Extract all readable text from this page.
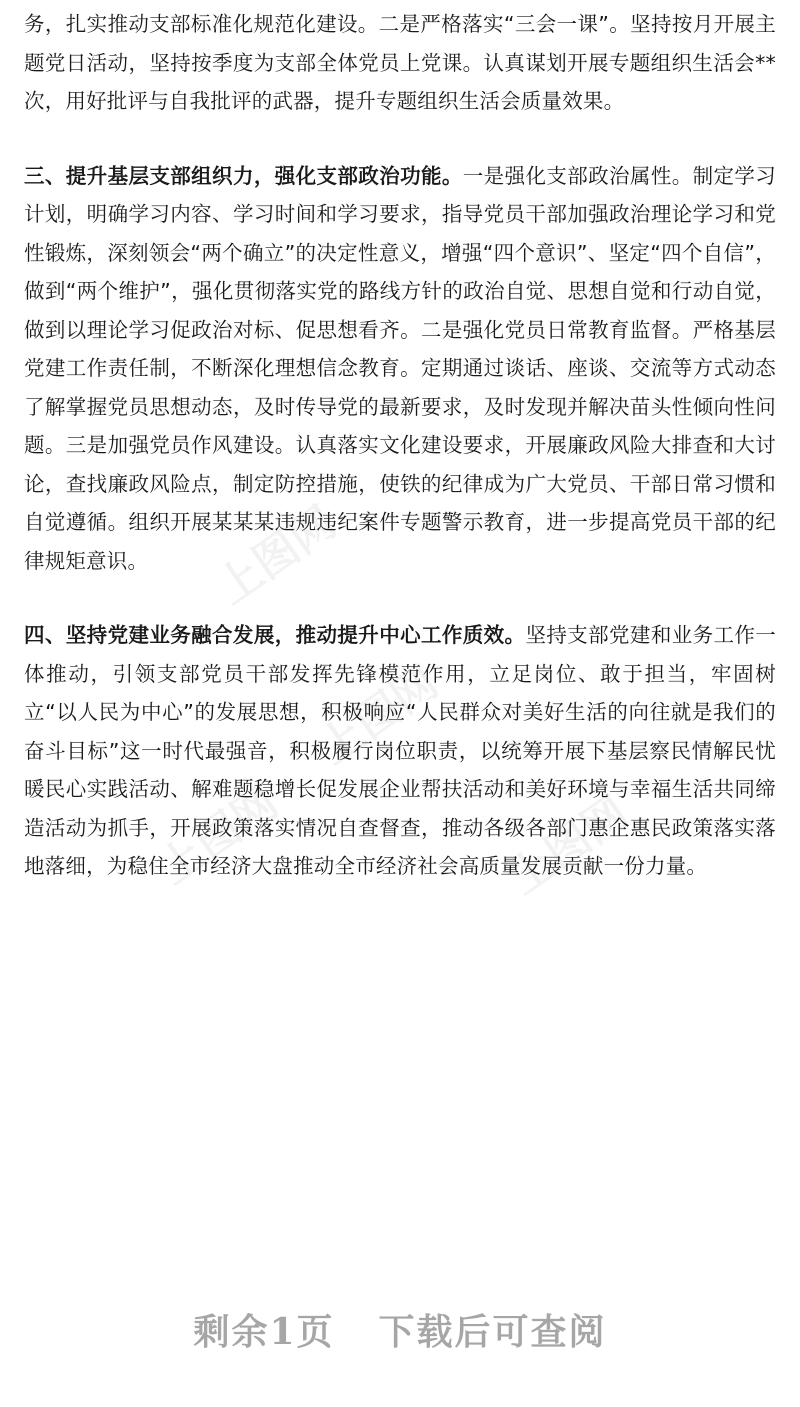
上图网
上图网
上图网	上图网

务，扎实推动支部标准化规范化建设。二是严格落实“三会一课”。坚持按月开展主题党日活动，坚持按季度为支部全体党员上党课。认真谋划开展专题组织生活会**次，用好批评与自我批评的武器，提升专题组织生活会质量效果。

三、提升基层支部组织力，强化支部政治功能。一是强化支部政治属性。制定学习计划，明确学习内容、学习时间和学习要求，指导党员干部加强政治理论学习和党性锻炼，深刻领会“两个确立”的决定性意义，增强“四个意识”、坚定“四个自信”，做到“两个维护”，强化贯彻落实党的路线方针的政治自觉、思想自觉和行动自觉，做到以理论学习促政治对标、促思想看齐。二是强化党员日常教育监督。严格基层党建工作责任制，不断深化理想信念教育。定期通过谈话、座谈、交流等方式动态了解掌握党员思想动态，及时传导党的最新要求，及时发现并解决苗头性倾向性问题。三是加强党员作风建设。认真落实文化建设要求，开展廉政风险大排查和大讨论，查找廉政风险点，制定防控措施，使铁的纪律成为广大党员、干部日常习惯和自觉遵循。组织开展某某某违规违纪案件专题警示教育，进一步提高党员干部的纪律规矩意识。

四、坚持党建业务融合发展，推动提升中心工作质效。坚持支部党建和业务工作一体推动，引领支部党员干部发挥先锋模范作用，立足岗位、敢于担当，牢固树立“以人民为中心”的发展思想，积极响应“人民群众对美好生活的向往就是我们的奋斗目标”这一时代最强音，积极履行岗位职责，以统筹开展下基层察民情解民忧暖民心实践活动、解难题稳增长促发展企业帮扶活动和美好环境与幸福生活共同缔造活动为抓手，开展政策落实情况自查督查，推动各级各部门惠企惠民政策落实落地落细，为稳住全市经济大盘推动全市经济社会高质量发展贡献一份力量。

剩余1页 下载后可查阅
